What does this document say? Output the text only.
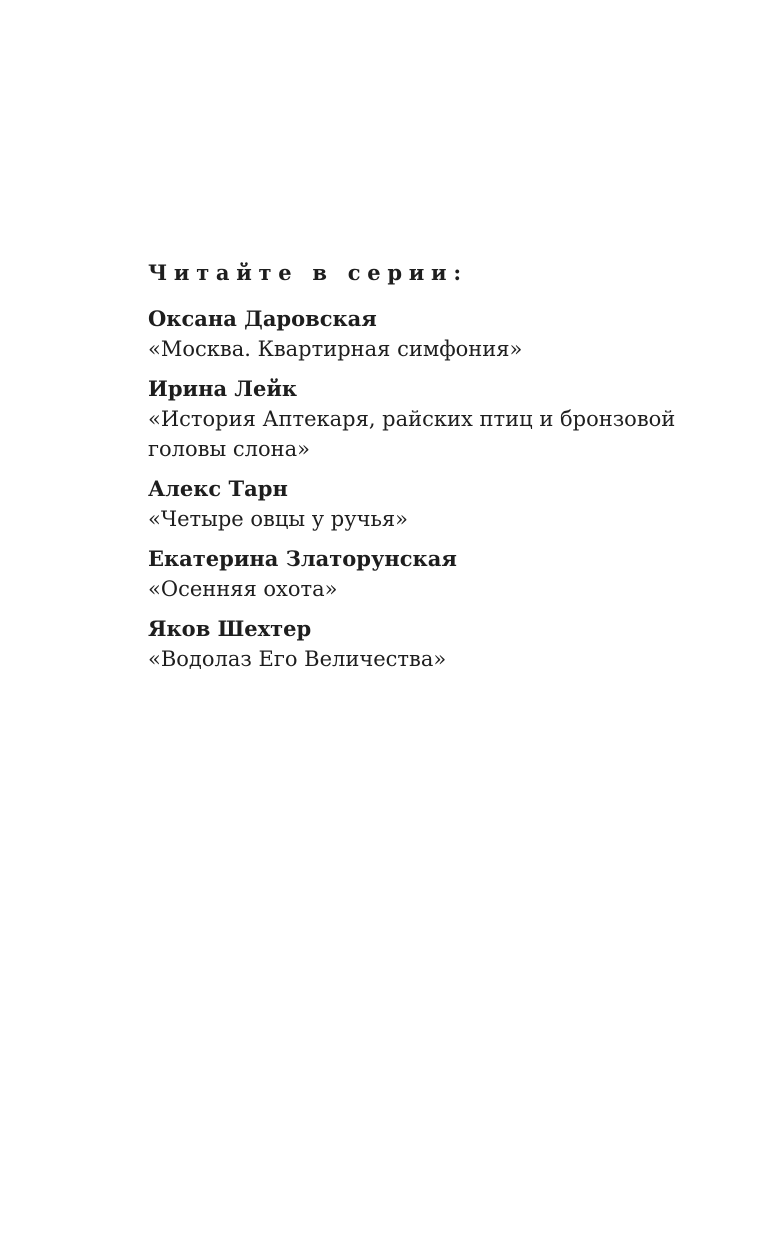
Читайте в серии:
Оксана Даровская
«Москва. Квартирная симфония»
Ирина Лейк
«История Аптекаря, райских птиц и бронзовой головы слона»
Алекс Тарн
«Четыре овцы у ручья»
Екатерина Златорунская
«Осенняя охота»
Яков Шехтер
«Водолаз Его Величества»
